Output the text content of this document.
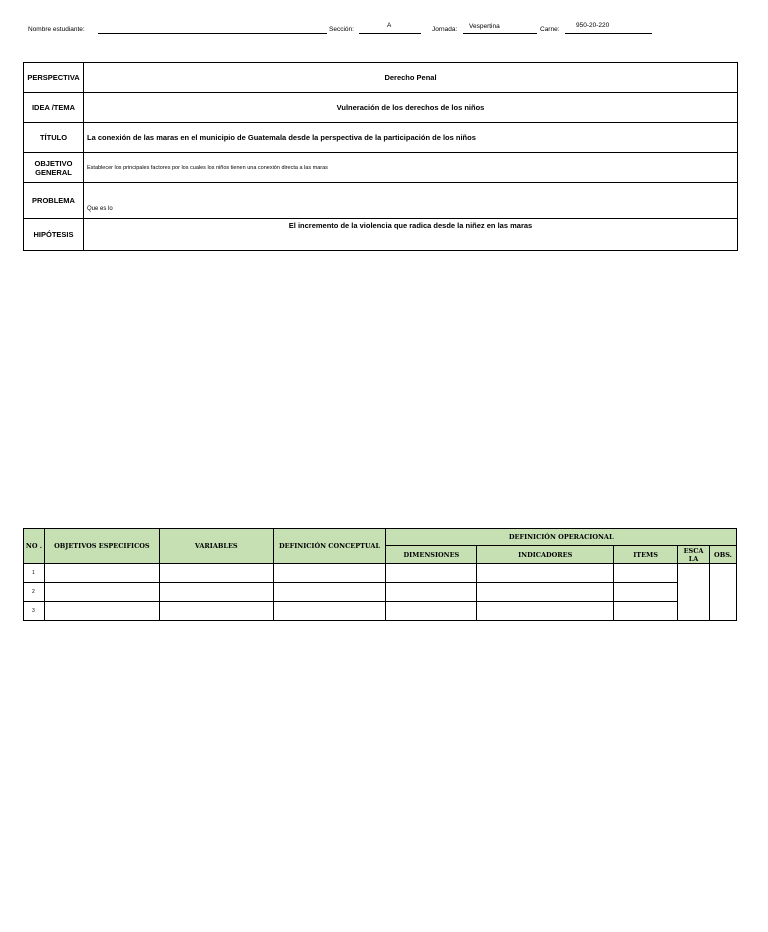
Nombre estudiante:	Sección:
A
Jornada: Vespertina	Carne:
950-20-220
PERSPECTIVA	Derecho Penal
IDEA /TEMA	Vulneración de los derechos de los niños
TÍTULO	La conexión de las maras en el municipio de Guatemala desde la perspectiva de la participación de los niños
OBJETIVO GENERAL	Establecer los principales factores por los cuales los niños tienen una conexión directa a las maras
PROBLEMA	Que es lo
HIPÓTESIS	El incremento de la violencia que radica desde la niñez en las maras
NO .	OBJETIVOS ESPECIFICOS	VARIABLES	DEFINICIÓN CONCEPTUAL	DEFINICIÓN OPERACIONAL				
				DIMENSIONES	INDICADORES	ITEMS	ESCA LA	OBS.
1								
2								
3								
